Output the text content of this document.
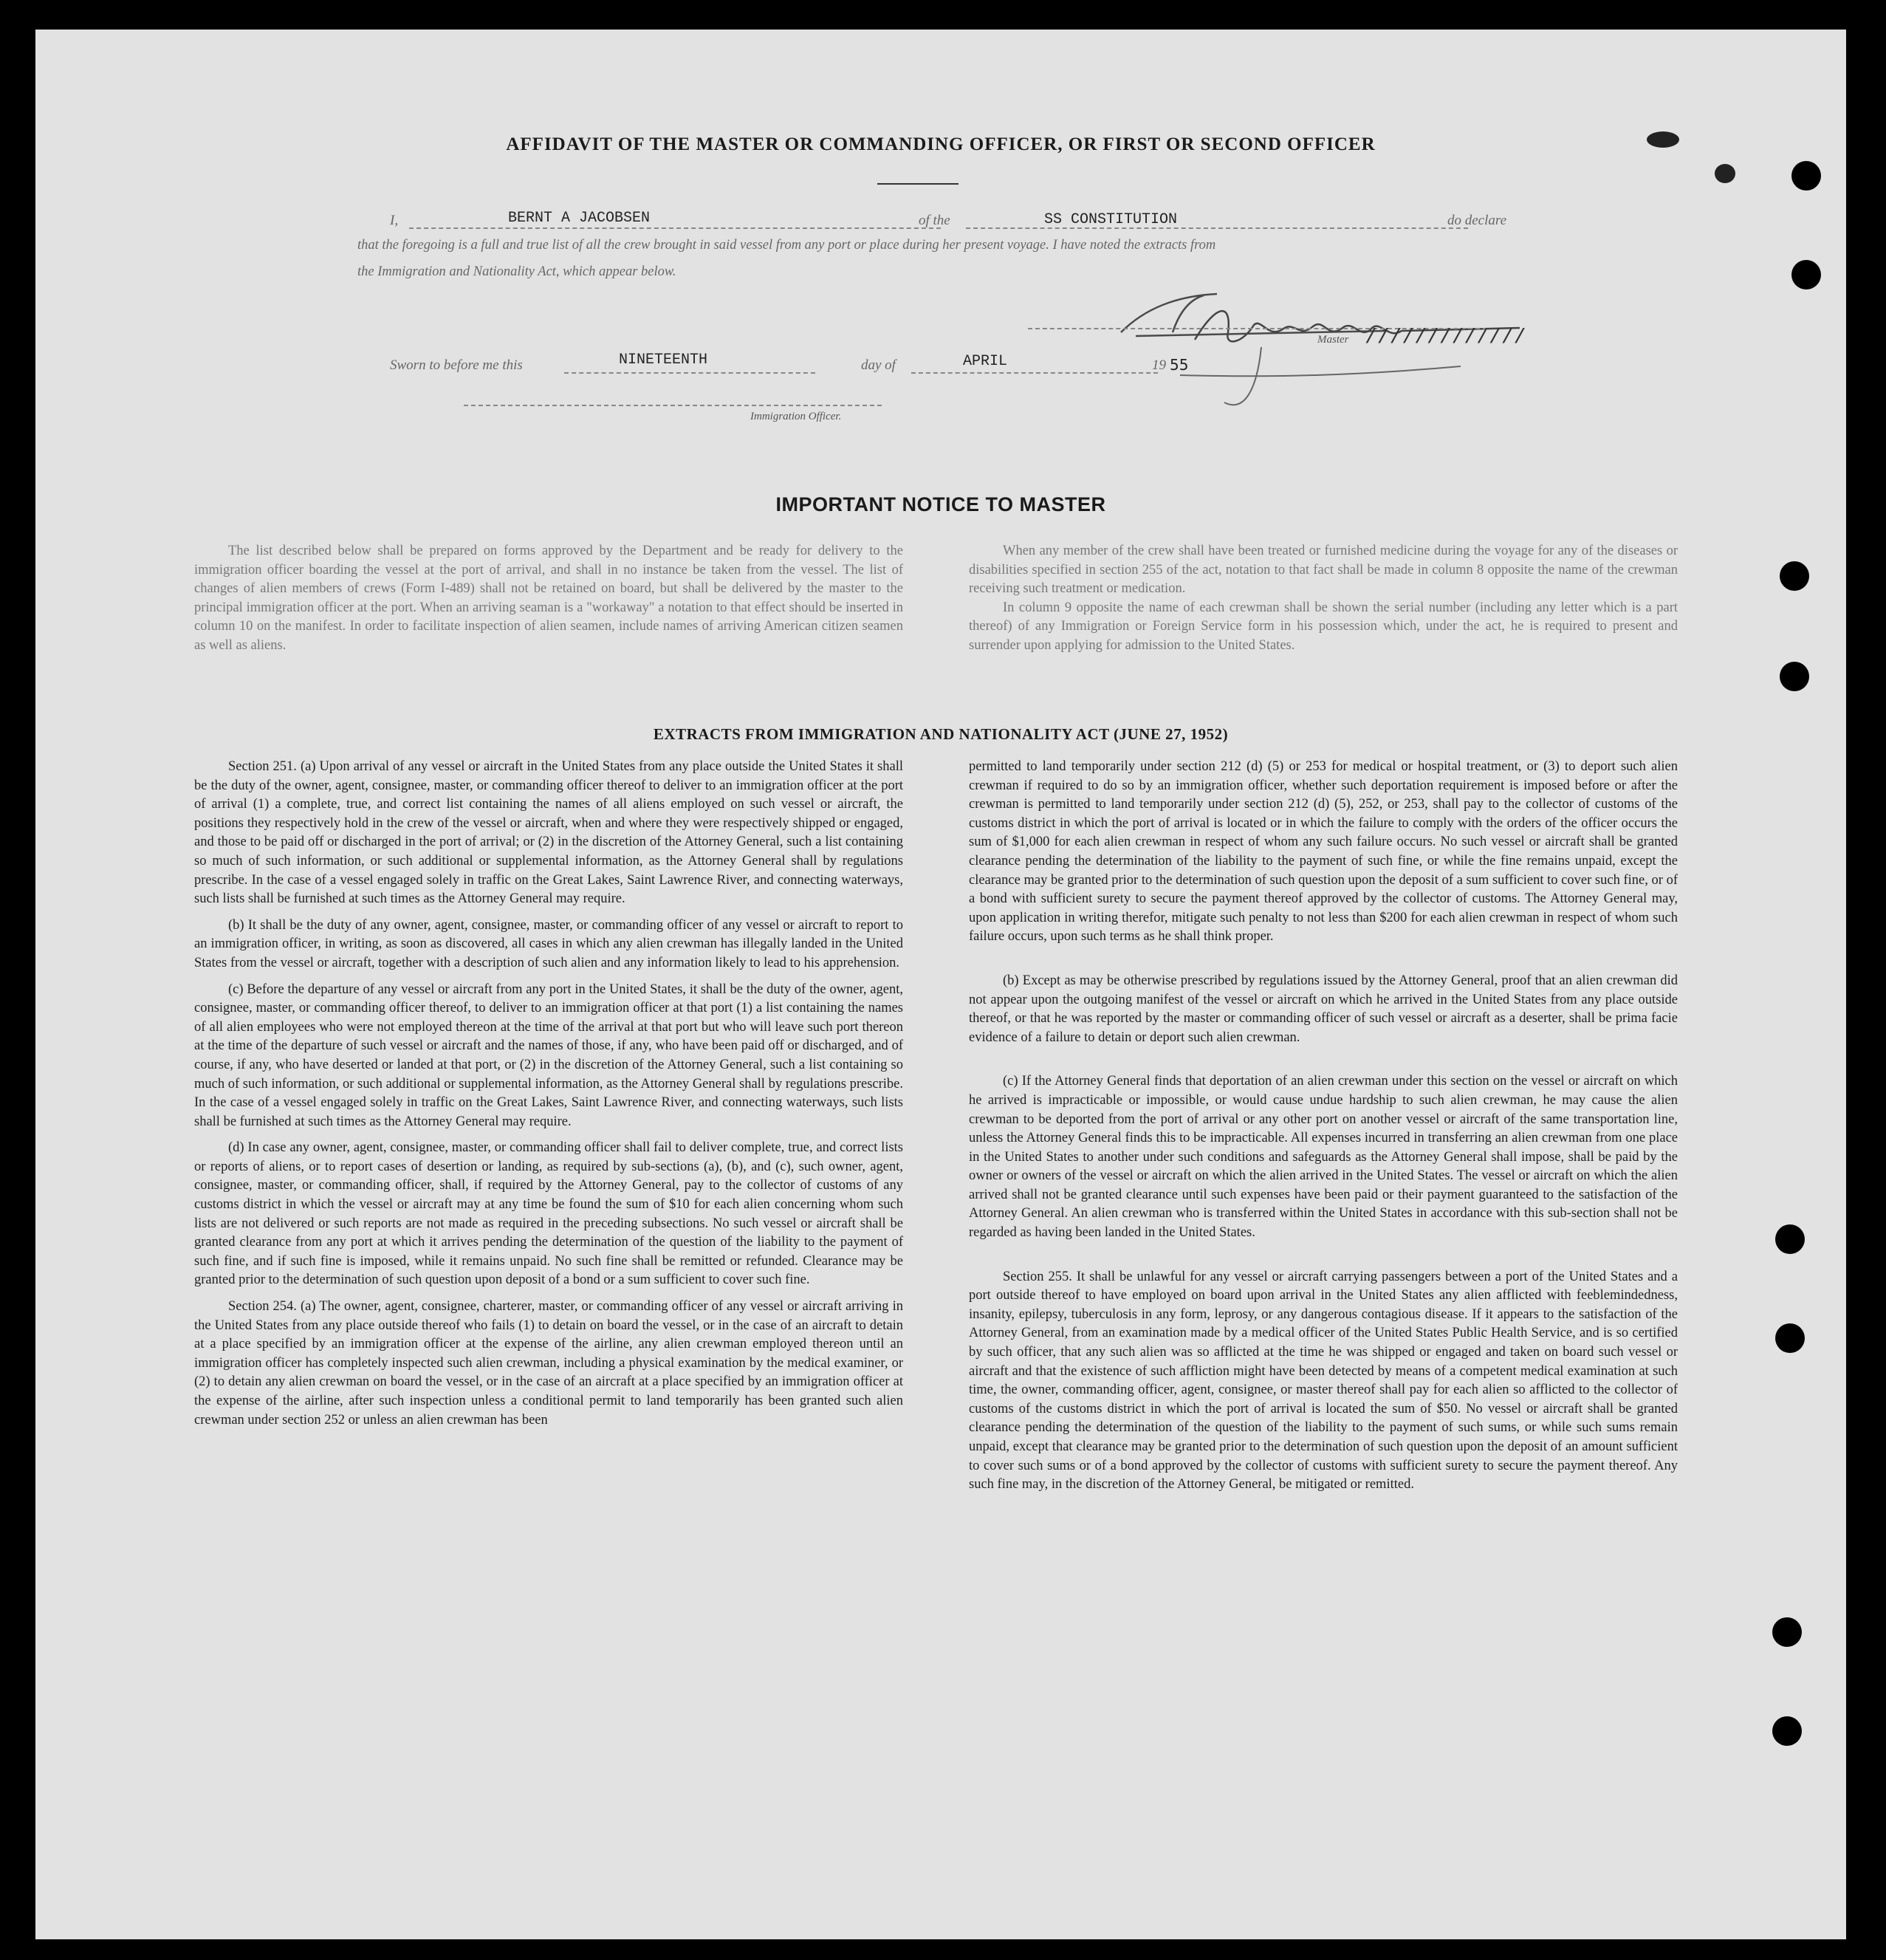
AFFIDAVIT OF THE MASTER OR COMMANDING OFFICER, OR FIRST OR SECOND OFFICER
I,	BERNT A JACOBSEN	of the	SS CONSTITUTION	do declare
that the foregoing is a full and true list of all the crew brought in said vessel from any port or place during her present voyage. I have noted the extracts from
the Immigration and Nationality Act, which appear below.
Master /////////////
Sworn to before me this	NINETEENTH	day of	APRIL	19 55
Immigration Officer.
IMPORTANT NOTICE TO MASTER

The list described below shall be prepared on forms approved by the Department and be ready for delivery to the immigration officer boarding the vessel at the port of arrival, and shall in no instance be taken from the vessel. The list of changes of alien members of crews (Form I-489) shall not be retained on board, but shall be delivered by the master to the principal immigration officer at the port. When an arriving seaman is a "workaway" a notation to that effect should be inserted in column 10 on the manifest. In order to facilitate inspection of alien seamen, include names of arriving American citizen seamen as well as aliens.

When any member of the crew shall have been treated or furnished medicine during the voyage for any of the diseases or disabilities specified in section 255 of the act, notation to that fact shall be made in column 8 opposite the name of the crewman receiving such treatment or medication.

In column 9 opposite the name of each crewman shall be shown the serial number (including any letter which is a part thereof) of any Immigration or Foreign Service form in his possession which, under the act, he is required to present and surrender upon applying for admission to the United States.

EXTRACTS FROM IMMIGRATION AND NATIONALITY ACT (JUNE 27, 1952)

Section 251. (a) Upon arrival of any vessel or aircraft in the United States from any place outside the United States it shall be the duty of the owner, agent, consignee, master, or commanding officer thereof to deliver to an immigration officer at the port of arrival (1) a complete, true, and correct list containing the names of all aliens employed on such vessel or aircraft, the positions they respectively hold in the crew of the vessel or aircraft, when and where they were respectively shipped or engaged, and those to be paid off or discharged in the port of arrival; or (2) in the discretion of the Attorney General, such a list containing so much of such information, or such additional or supplemental information, as the Attorney General shall by regulations prescribe. In the case of a vessel engaged solely in traffic on the Great Lakes, Saint Lawrence River, and connecting waterways, such lists shall be furnished at such times as the Attorney General may require.

(b) It shall be the duty of any owner, agent, consignee, master, or commanding officer of any vessel or aircraft to report to an immigration officer, in writing, as soon as discovered, all cases in which any alien crewman has illegally landed in the United States from the vessel or aircraft, together with a description of such alien and any information likely to lead to his apprehension.

(c) Before the departure of any vessel or aircraft from any port in the United States, it shall be the duty of the owner, agent, consignee, master, or commanding officer thereof, to deliver to an immigration officer at that port (1) a list containing the names of all alien employees who were not employed thereon at the time of the arrival at that port but who will leave such port thereon at the time of the departure of such vessel or aircraft and the names of those, if any, who have been paid off or discharged, and of course, if any, who have deserted or landed at that port, or (2) in the discretion of the Attorney General, such a list containing so much of such information, or such additional or supplemental information, as the Attorney General shall by regulations prescribe. In the case of a vessel engaged solely in traffic on the Great Lakes, Saint Lawrence River, and connecting waterways, such lists shall be furnished at such times as the Attorney General may require.

(d) In case any owner, agent, consignee, master, or commanding officer shall fail to deliver complete, true, and correct lists or reports of aliens, or to report cases of desertion or landing, as required by sub-sections (a), (b), and (c), such owner, agent, consignee, master, or commanding officer, shall, if required by the Attorney General, pay to the collector of customs of any customs district in which the vessel or aircraft may at any time be found the sum of $10 for each alien concerning whom such lists are not delivered or such reports are not made as required in the preceding subsections. No such vessel or aircraft shall be granted clearance from any port at which it arrives pending the determination of the question of the liability to the payment of such fine, and if such fine is imposed, while it remains unpaid. No such fine shall be remitted or refunded. Clearance may be granted prior to the determination of such question upon deposit of a bond or a sum sufficient to cover such fine.

Section 254. (a) The owner, agent, consignee, charterer, master, or commanding officer of any vessel or aircraft arriving in the United States from any place outside thereof who fails (1) to detain on board the vessel, or in the case of an aircraft to detain at a place specified by an immigration officer at the expense of the airline, any alien crewman employed thereon until an immigration officer has completely inspected such alien crewman, including a physical examination by the medical examiner, or (2) to detain any alien crewman on board the vessel, or in the case of an aircraft at a place specified by an immigration officer at the expense of the airline, after such inspection unless a conditional permit to land temporarily has been granted such alien crewman under section 252 or unless an alien crewman has been

permitted to land temporarily under section 212 (d) (5) or 253 for medical or hospital treatment, or (3) to deport such alien crewman if required to do so by an immigration officer, whether such deportation requirement is imposed before or after the crewman is permitted to land temporarily under section 212 (d) (5), 252, or 253, shall pay to the collector of customs of the customs district in which the port of arrival is located or in which the failure to comply with the orders of the officer occurs the sum of $1,000 for each alien crewman in respect of whom any such failure occurs. No such vessel or aircraft shall be granted clearance pending the determination of the liability to the payment of such fine, or while the fine remains unpaid, except the clearance may be granted prior to the determination of such question upon the deposit of a sum sufficient to cover such fine, or of a bond with sufficient surety to secure the payment thereof approved by the collector of customs. The Attorney General may, upon application in writing therefor, mitigate such penalty to not less than $200 for each alien crewman in respect of whom such failure occurs, upon such terms as he shall think proper.

(b) Except as may be otherwise prescribed by regulations issued by the Attorney General, proof that an alien crewman did not appear upon the outgoing manifest of the vessel or aircraft on which he arrived in the United States from any place outside thereof, or that he was reported by the master or commanding officer of such vessel or aircraft as a deserter, shall be prima facie evidence of a failure to detain or deport such alien crewman.

(c) If the Attorney General finds that deportation of an alien crewman under this section on the vessel or aircraft on which he arrived is impracticable or impossible, or would cause undue hardship to such alien crewman, he may cause the alien crewman to be deported from the port of arrival or any other port on another vessel or aircraft of the same transportation line, unless the Attorney General finds this to be impracticable. All expenses incurred in transferring an alien crewman from one place in the United States to another under such conditions and safeguards as the Attorney General shall impose, shall be paid by the owner or owners of the vessel or aircraft on which the alien arrived in the United States. The vessel or aircraft on which the alien arrived shall not be granted clearance until such expenses have been paid or their payment guaranteed to the satisfaction of the Attorney General. An alien crewman who is transferred within the United States in accordance with this sub-section shall not be regarded as having been landed in the United States.

Section 255. It shall be unlawful for any vessel or aircraft carrying passengers between a port of the United States and a port outside thereof to have employed on board upon arrival in the United States any alien afflicted with feeblemindedness, insanity, epilepsy, tuberculosis in any form, leprosy, or any dangerous contagious disease. If it appears to the satisfaction of the Attorney General, from an examination made by a medical officer of the United States Public Health Service, and is so certified by such officer, that any such alien was so afflicted at the time he was shipped or engaged and taken on board such vessel or aircraft and that the existence of such affliction might have been detected by means of a competent medical examination at such time, the owner, commanding officer, agent, consignee, or master thereof shall pay for each alien so afflicted to the collector of customs of the customs district in which the port of arrival is located the sum of $50. No vessel or aircraft shall be granted clearance pending the determination of the question of the liability to the payment of such sums, or while such sums remain unpaid, except that clearance may be granted prior to the determination of such question upon the deposit of an amount sufficient to cover such sums or of a bond approved by the collector of customs with sufficient surety to secure the payment thereof. Any such fine may, in the discretion of the Attorney General, be mitigated or remitted.
